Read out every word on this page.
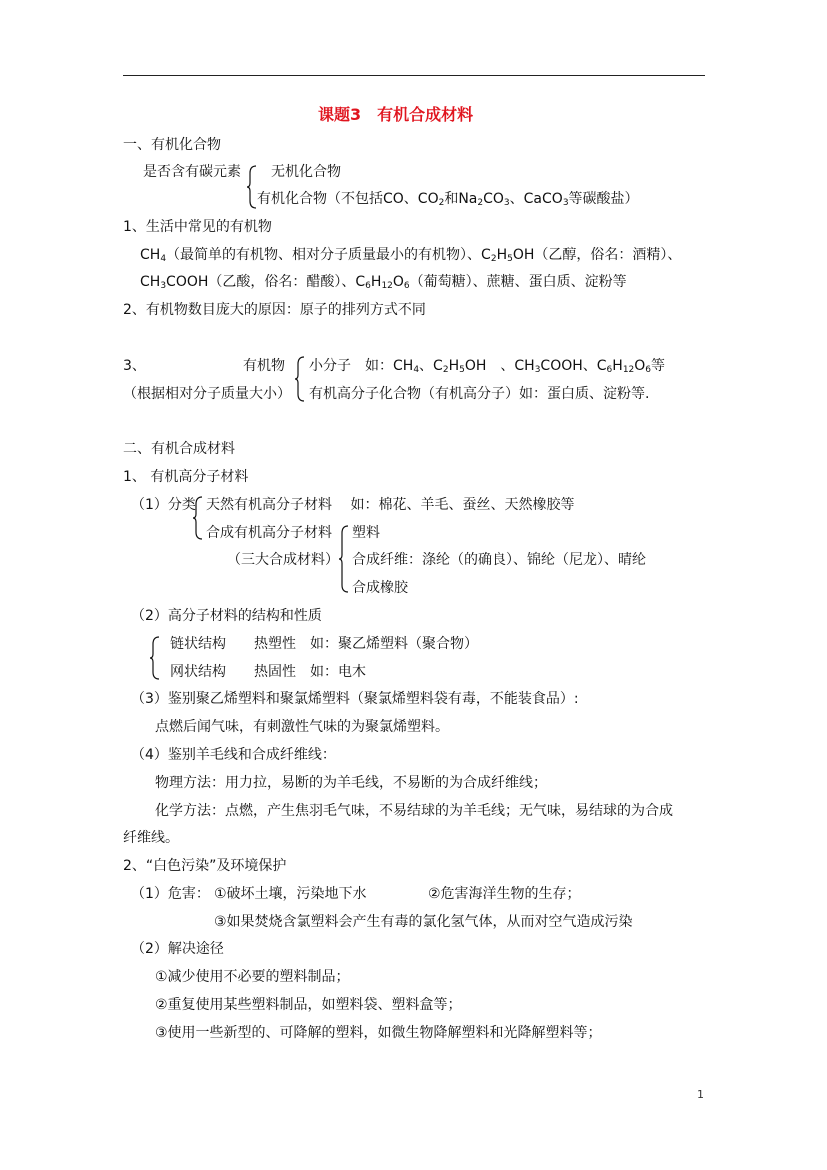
课题3　有机合成材料
一、有机化合物
是否含有碳元素 无机化合物
有机化合物（不包括CO、$CO_2$和$Na_2CO_3$、CaCO$_3$等碳酸盐）
1、生活中常见的有机物
$CH_4$（最简单的有机物、相对分子质量最小的有机物）、$C_2H_5OH$（乙醇，俗名：酒精）、
$CH_3COOH$（乙酸，俗名：醋酸）、$C_6H_{12}O_6$（葡萄糖）、蔗糖、蛋白质、淀粉等
2、有机物数目庞大的原因：原子的排列方式不同
3、	有机物
（根据相对分子质量大小）
小分子　如：$CH_4$、$C_2H_5OH$　、$CH_3COOH$、$C_6H_{12}O_6$等
有机高分子化合物（有机高分子）如：蛋白质、淀粉等.
二、有机合成材料
1、 有机高分子材料
（1）分类 天然有机高分子材料　 如：棉花、羊毛、蚕丝、天然橡胶等
合成有机高分子材料
（三大合成材料）
塑料
合成纤维：涤纶（的确良）、锦纶（尼龙）、晴纶
合成橡胶
（2）高分子材料的结构和性质
链状结构　　热塑性　如：聚乙烯塑料（聚合物）
网状结构　　热固性　如：电木
（3）鉴别聚乙烯塑料和聚氯烯塑料（聚氯烯塑料袋有毒，不能装食品）:
点燃后闻气味，有刺激性气味的为聚氯烯塑料。
（4）鉴别羊毛线和合成纤维线：
物理方法：用力拉，易断的为羊毛线，不易断的为合成纤维线；
化学方法：点燃，产生焦羽毛气味，不易结球的为羊毛线；无气味，易结球的为合成
纤维线。
2、“白色污染”及环境保护
（1）危害： ①破坏土壤，污染地下水	②危害海洋生物的生存；
③如果焚烧含氯塑料会产生有毒的氯化氢气体，从而对空气造成污染
（2）解决途径
①减少使用不必要的塑料制品；
②重复使用某些塑料制品，如塑料袋、塑料盒等；
③使用一些新型的、可降解的塑料，如微生物降解塑料和光降解塑料等；
1
